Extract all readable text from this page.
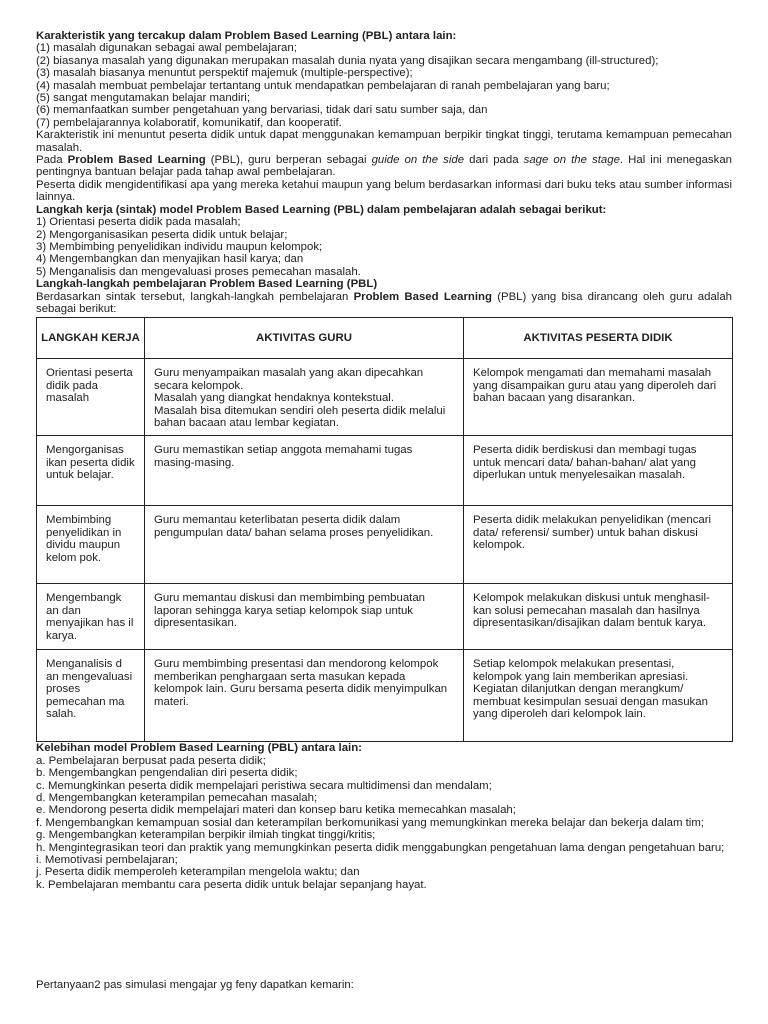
Karakteristik yang tercakup dalam Problem Based Learning (PBL) antara lain:

(1) masalah digunakan sebagai awal pembelajaran;

(2) biasanya masalah yang digunakan merupakan masalah dunia nyata yang disajikan secara mengambang (ill-structured);

(3) masalah biasanya menuntut perspektif majemuk (multiple-perspective);

(4) masalah membuat pembelajar tertantang untuk mendapatkan pembelajaran di ranah pembelajaran yang baru;

(5) sangat mengutamakan belajar mandiri;

(6) memanfaatkan sumber pengetahuan yang bervariasi, tidak dari satu sumber saja, dan

(7) pembelajarannya kolaboratif, komunikatif, dan kooperatif.

Karakteristik ini menuntut peserta didik untuk dapat menggunakan kemampuan berpikir tingkat tinggi, terutama kemampuan pemecahan masalah.

Pada Problem Based Learning (PBL), guru berperan sebagai guide on the side dari pada sage on the stage. Hal ini menegaskan pentingnya bantuan belajar pada tahap awal pembelajaran.

Peserta didik mengidentifikasi apa yang mereka ketahui maupun yang belum berdasarkan informasi dari buku teks atau sumber informasi lainnya.

Langkah kerja (sintak) model Problem Based Learning (PBL) dalam pembelajaran adalah sebagai berikut:

1) Orientasi peserta didik pada masalah;

2) Mengorganisasikan peserta didik untuk belajar;

3) Membimbing penyelidikan individu maupun kelompok;

4) Mengembangkan dan menyajikan hasil karya; dan

5) Menganalisis dan mengevaluasi proses pemecahan masalah.

Langkah-langkah pembelajaran Problem Based Learning (PBL)

Berdasarkan sintak tersebut, langkah-langkah pembelajaran Problem Based Learning (PBL) yang bisa dirancang oleh guru adalah sebagai berikut:

LANGKAH KERJA	AKTIVITAS GURU	AKTIVITAS PESERTA DIDIK

Orientasi peserta didik pada masalah	Guru menyampaikan masalah yang akan dipecahkan secara kelompok.
Masalah yang diangkat hendaknya kontekstual.
Masalah bisa ditemukan sendiri oleh peserta didik melalui bahan bacaan atau lembar kegiatan.	Kelompok mengamati dan memahami masalah yang disampaikan guru atau yang diperoleh dari bahan bacaan yang disarankan.

Mengorganisas ikan peserta didik untuk belajar.	Guru memastikan setiap anggota memahami tugas masing-masing.	Peserta didik berdiskusi dan membagi tugas untuk mencari data/ bahan-bahan/ alat yang diperlukan untuk menyelesaikan masalah.

Membimbing penyelidikan in dividu maupun kelom pok.	Guru memantau keterlibatan peserta didik dalam pengumpulan data/ bahan selama proses penyelidikan.	Peserta didik melakukan penyelidikan (mencari data/ referensi/ sumber) untuk bahan diskusi kelompok.

Mengembangk an dan menyajikan has il karya.	Guru memantau diskusi dan membimbing pembuatan laporan sehingga karya setiap kelompok siap untuk dipresentasikan.	Kelompok melakukan diskusi untuk menghasil-kan solusi pemecahan masalah dan hasilnya dipresentasikan/disajikan dalam bentuk karya.

Menganalisis d an mengevaluasi proses pemecahan ma salah.	Guru membimbing presentasi dan mendorong kelompok memberikan penghargaan serta masukan kepada kelompok lain. Guru bersama peserta didik menyimpulkan materi.	Setiap kelompok melakukan presentasi, kelompok yang lain memberikan apresiasi. Kegiatan dilanjutkan dengan merangkum/ membuat kesimpulan sesuai dengan masukan yang diperoleh dari kelompok lain.

Kelebihan model Problem Based Learning (PBL) antara lain:

a. Pembelajaran berpusat pada peserta didik;

b. Mengembangkan pengendalian diri peserta didik;

c. Memungkinkan peserta didik mempelajari peristiwa secara multidimensi dan mendalam;

d. Mengembangkan keterampilan pemecahan masalah;

e. Mendorong peserta didik mempelajari materi dan konsep baru ketika memecahkan masalah;

f. Mengembangkan kemampuan sosial dan keterampilan berkomunikasi yang memungkinkan mereka belajar dan bekerja dalam tim;

g. Mengembangkan keterampilan berpikir ilmiah tingkat tinggi/kritis;

h. Mengintegrasikan teori dan praktik yang memungkinkan peserta didik menggabungkan pengetahuan lama dengan pengetahuan baru;

i. Memotivasi pembelajaran;

j. Peserta didik memperoleh keterampilan mengelola waktu; dan

k. Pembelajaran membantu cara peserta didik untuk belajar sepanjang hayat.

Pertanyaan2 pas simulasi mengajar yg feny dapatkan kemarin:
